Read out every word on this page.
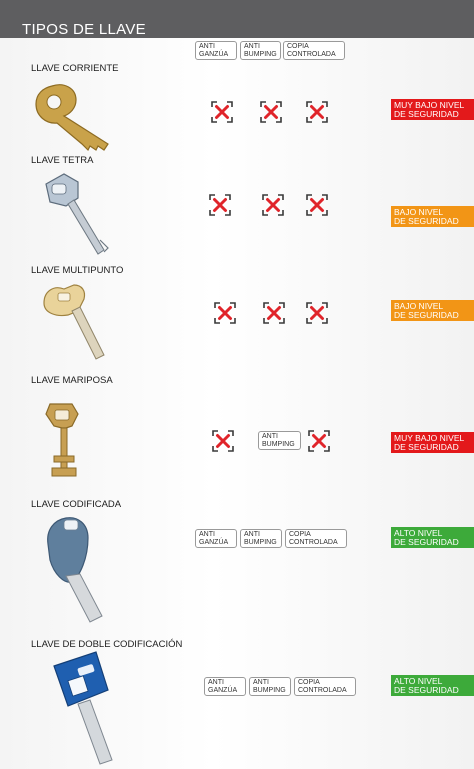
TIPOS DE LLAVE
ANTI
GANZÚA
ANTI
BUMPING
COPIA
CONTROLADA
LLAVE CORRIENTE
MUY BAJO NIVEL
DE SEGURIDAD
LLAVE TETRA
BAJO NIVEL
DE SEGURIDAD
LLAVE MULTIPUNTO
BAJO NIVEL
DE SEGURIDAD
LLAVE MARIPOSA
ANTI
BUMPING
MUY BAJO NIVEL
DE SEGURIDAD
LLAVE CODIFICADA
ANTI
GANZÚA
ANTI
BUMPING
COPIA
CONTROLADA
ALTO NIVEL
DE SEGURIDAD
LLAVE DE DOBLE CODIFICACIÓN
ANTI
GANZÚA
ANTI
BUMPING
COPIA
CONTROLADA
ALTO NIVEL
DE SEGURIDAD
